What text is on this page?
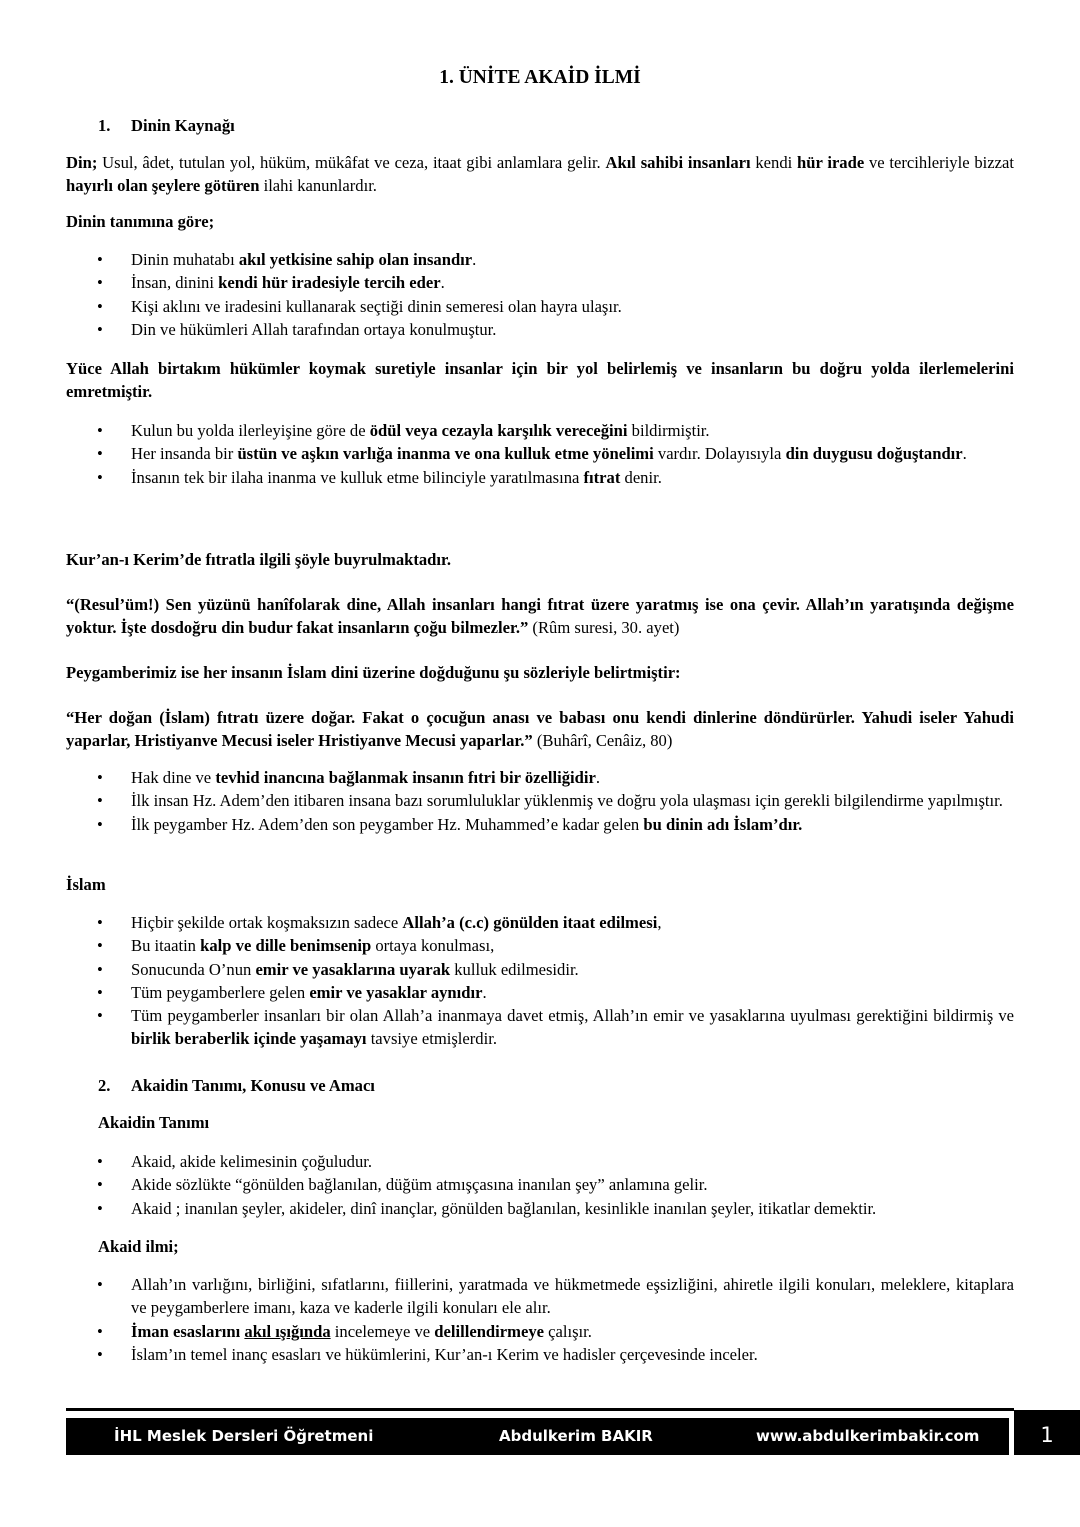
1. ÜNİTE AKAİD İLMİ
1. Dinin Kaynağı

Din; Usul, âdet, tutulan yol, hüküm, mükâfat ve ceza, itaat gibi anlamlara gelir. Akıl sahibi insanları kendi hür irade ve tercihleriyle bizzat hayırlı olan şeylere götüren ilahi kanunlardır.

Dinin tanımına göre;

• Dinin muhatabı akıl yetkisine sahip olan insandır.
• İnsan, dinini kendi hür iradesiyle tercih eder.
• Kişi aklını ve iradesini kullanarak seçtiği dinin semeresi olan hayra ulaşır.
• Din ve hükümleri Allah tarafından ortaya konulmuştur.

Yüce Allah birtakım hükümler koymak suretiyle insanlar için bir yol belirlemiş ve insanların bu doğru yolda ilerlemelerini emretmiştir.

• Kulun bu yolda ilerleyişine göre de ödül veya cezayla karşılık vereceğini bildirmiştir.
• Her insanda bir üstün ve aşkın varlığa inanma ve ona kulluk etme yönelimi vardır. Dolayısıyla din duygusu doğuştandır.
• İnsanın tek bir ilaha inanma ve kulluk etme bilinciyle yaratılmasına fıtrat denir.

Kur’an-ı Kerim’de fıtratla ilgili şöyle buyrulmaktadır.

“(Resul’üm!) Sen yüzünü hanîfolarak dine, Allah insanları hangi fıtrat üzere yaratmış ise ona çevir. Allah’ın yaratışında değişme yoktur. İşte dosdoğru din budur fakat insanların çoğu bilmezler.” (Rûm suresi, 30. ayet)

Peygamberimiz ise her insanın İslam dini üzerine doğduğunu şu sözleriyle belirtmiştir:

“Her doğan (İslam) fıtratı üzere doğar. Fakat o çocuğun anası ve babası onu kendi dinlerine döndürürler. Yahudi iseler Yahudi yaparlar, Hristiyanve Mecusi iseler Hristiyanve Mecusi yaparlar.” (Buhârî, Cenâiz, 80)

• Hak dine ve tevhid inancına bağlanmak insanın fıtri bir özelliğidir.
• İlk insan Hz. Adem’den itibaren insana bazı sorumluluklar yüklenmiş ve doğru yola ulaşması için gerekli bilgilendirme yapılmıştır.
• İlk peygamber Hz. Adem’den son peygamber Hz. Muhammed’e kadar gelen bu dinin adı İslam’dır.

İslam

• Hiçbir şekilde ortak koşmaksızın sadece Allah’a (c.c) gönülden itaat edilmesi,
• Bu itaatin kalp ve dille benimsenip ortaya konulması,
• Sonucunda O’nun emir ve yasaklarına uyarak kulluk edilmesidir.
• Tüm peygamberlere gelen emir ve yasaklar aynıdır.
• Tüm peygamberler insanları bir olan Allah’a inanmaya davet etmiş, Allah’ın emir ve yasaklarına uyulması gerektiğini bildirmiş ve birlik beraberlik içinde yaşamayı tavsiye etmişlerdir.
2. Akaidin Tanımı, Konusu ve Amacı
Akaidin Tanımı
• Akaid, akide kelimesinin çoğuludur.
• Akide sözlükte “gönülden bağlanılan, düğüm atmışçasına inanılan şey” anlamına gelir.
• Akaid ; inanılan şeyler, akideler, dinî inançlar, gönülden bağlanılan, kesinlikle inanılan şeyler, itikatlar demektir.
Akaid ilmi;
• Allah’ın varlığını, birliğini, sıfatlarını, fiillerini, yaratmada ve hükmetmede eşsizliğini, ahiretle ilgili konuları, meleklere, kitaplara ve peygamberlere imanı, kaza ve kaderle ilgili konuları ele alır.
• İman esaslarını akıl ışığında incelemeye ve delillendirmeye çalışır.
• İslam’ın temel inanç esasları ve hükümlerini, Kur’an-ı Kerim ve hadisler çerçevesinde inceler.
İHL Meslek Dersleri Öğretmeni	Abdulkerim BAKIR	www.abdulkerimbakir.com	1
